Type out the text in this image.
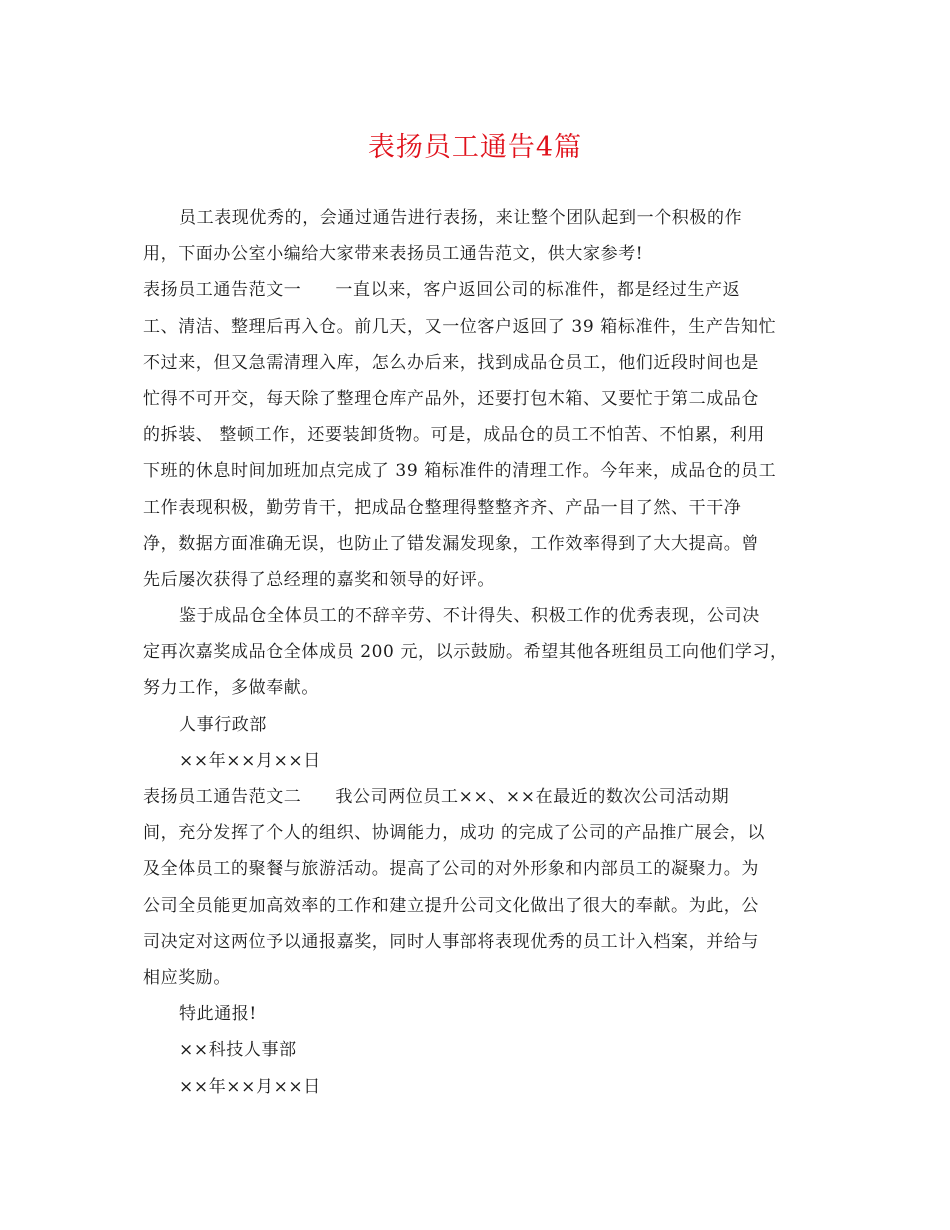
表扬员工通告4篇
员工表现优秀的，会通过通告进行表扬，来让整个团队起到一个积极的作
用，下面办公室小编给大家带来表扬员工通告范文，供大家参考!
表扬员工通告范文一 一直以来，客户返回公司的标准件，都是经过生产返
工、清洁、整理后再入仓。前几天，又一位客户返回了 39 箱标准件，生产告知忙
不过来，但又急需清理入库，怎么办后来，找到成品仓员工，他们近段时间也是
忙得不可开交，每天除了整理仓库产品外，还要打包木箱、又要忙于第二成品仓
的拆装、 整顿工作，还要装卸货物。可是，成品仓的员工不怕苦、不怕累，利用
下班的休息时间加班加点完成了 39 箱标准件的清理工作。今年来，成品仓的员工
工作表现积极，勤劳肯干，把成品仓整理得整整齐齐、产品一目了然、干干净
净，数据方面准确无误，也防止了错发漏发现象，工作效率得到了大大提高。曾
先后屡次获得了总经理的嘉奖和领导的好评。
鉴于成品仓全体员工的不辞辛劳、不计得失、积极工作的优秀表现，公司决
定再次嘉奖成品仓全体成员 200 元，以示鼓励。希望其他各班组员工向他们学习，
努力工作，多做奉献。
人事行政部
××年××月××日
表扬员工通告范文二 我公司两位员工××、××在最近的数次公司活动期
间，充分发挥了个人的组织、协调能力，成功 的完成了公司的产品推广展会，以
及全体员工的聚餐与旅游活动。提高了公司的对外形象和内部员工的凝聚力。为
公司全员能更加高效率的工作和建立提升公司文化做出了很大的奉献。为此，公
司决定对这两位予以通报嘉奖，同时人事部将表现优秀的员工计入档案，并给与
相应奖励。
特此通报!
××科技人事部
××年××月××日
